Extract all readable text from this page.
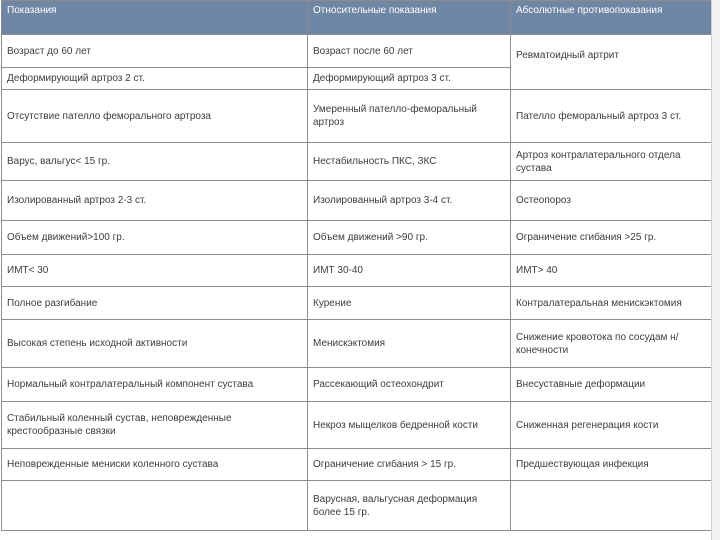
Показания	Относительные показания	Абсолютные противопоказания
Возраст до 60 лет	Возраст после 60 лет	Ревматоидный артрит
Деформирующий артроз 2 ст.	Деформирующий артроз 3 ст.	
Отсутствие пателло феморального артроза	Умеренный пателло-феморальный артроз	Пателло феморальный артроз 3 ст.
Варус, вальгус< 15 гр.	Нестабильность ПКС, ЗКС	Артроз контралатерального отдела сустава
Изолированный артроз 2-3 ст.	Изолированный артроз 3-4 ст.	Остеопороз
Объем движений>100 гр.	Объем движений >90 гр.	Ограничение сгибания >25 гр.
ИМТ< 30	ИМТ 30-40	ИМТ> 40
Полное разгибание	Курение	Контралатеральная менискэктомия
Высокая степень исходной активности	Менискэктомия	Снижение кровотока по сосудам н/ конечности
Нормальный контралатеральный компонент сустава	Рассекающий остеохондрит	Внесуставные деформации
Стабильный коленный сустав, неповрежденные крестообразные связки	Некроз мыщелков бедренной кости	Сниженная регенерация кости
Неповрежденные мениски коленного сустава	Ограничение сгибания > 15 гр.	Предшествующая инфекция
	Варусная, вальгусная деформация более 15 гр.	
